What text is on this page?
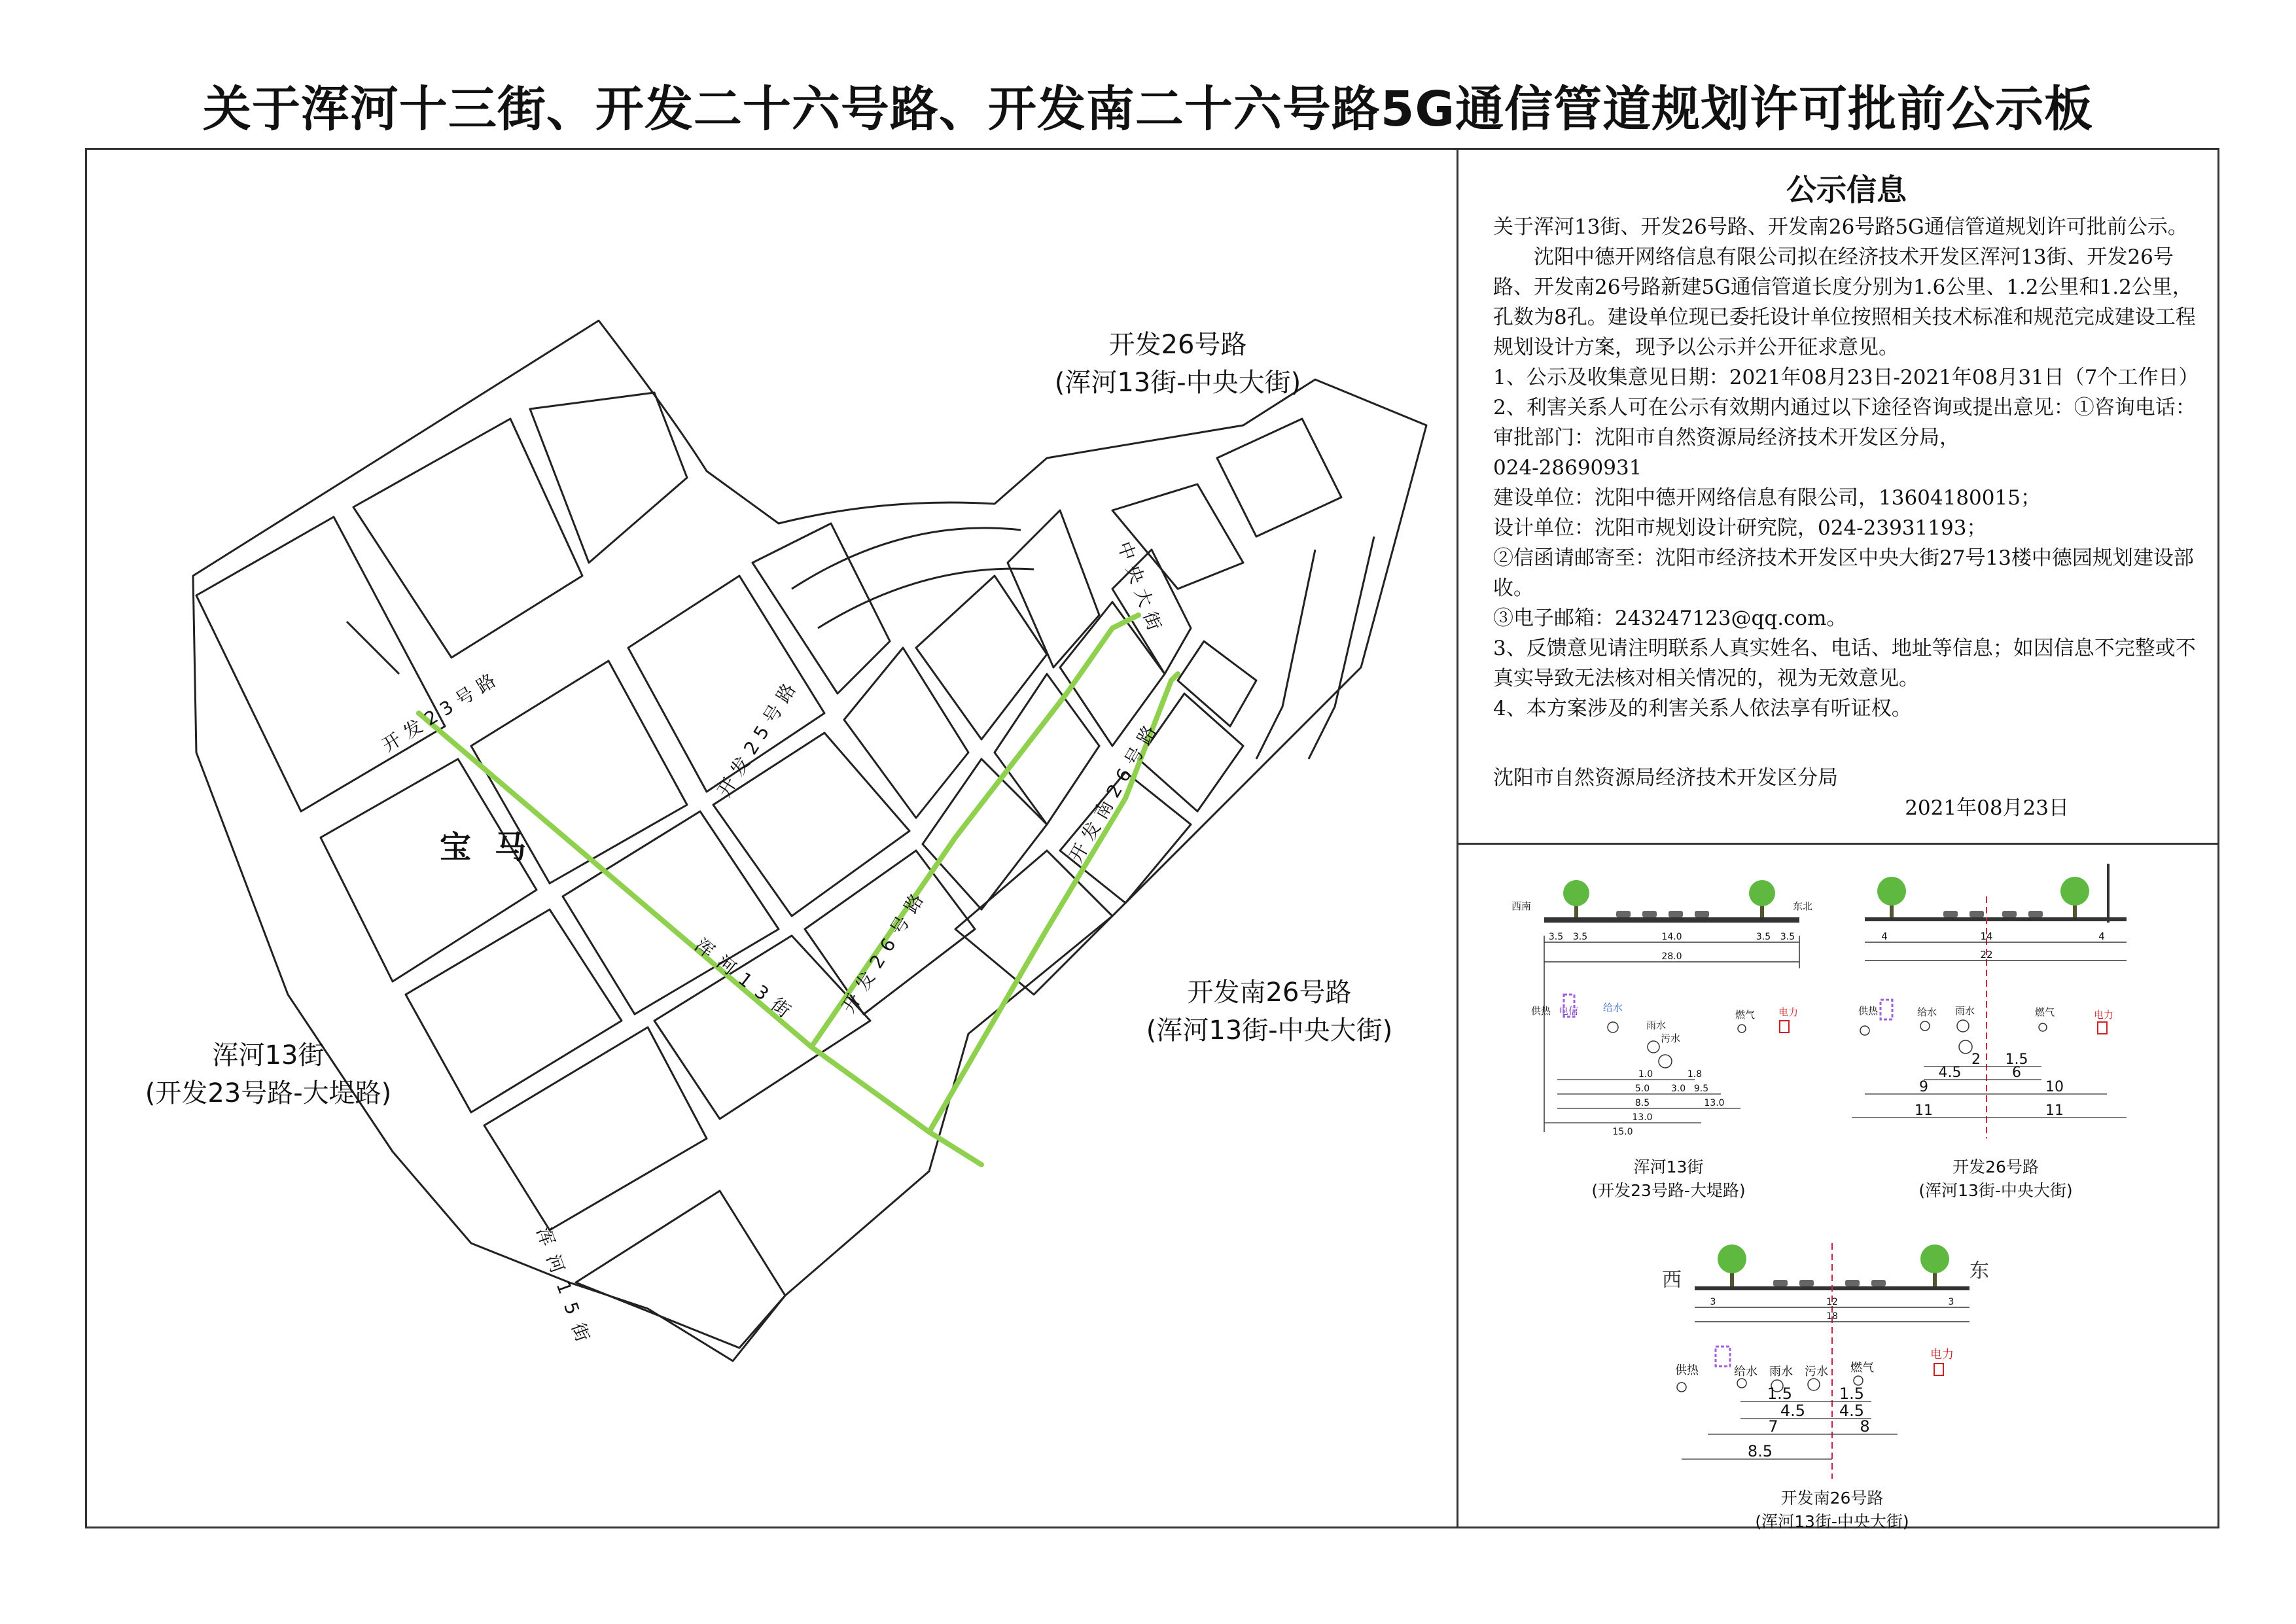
关于浑河十三街、开发二十六号路、开发南二十六号路5G通信管道规划许可批前公示板
开发26号路
(浑河13街-中央大街)
开发南26号路
(浑河13街-中央大街)
浑河13街
(开发23号路-大堤路)
宝马
开发23号路	开发25号路
开发26号路
开发南26号路
浑河13街
浑河15街
中央大街
公示信息

关于浑河13街、开发26号路、开发南26号路5G通信管道规划许可批前公示。

沈阳中德开网络信息有限公司拟在经济技术开发区浑河13街、开发26号路、开发南26号路新建5G通信管道长度分别为1.6公里、1.2公里和1.2公里，孔数为8孔。建设单位现已委托设计单位按照相关技术标准和规范完成建设工程规划设计方案，现予以公示并公开征求意见。

1、公示及收集意见日期：2021年08月23日-2021年08月31日（7个工作日）

2、利害关系人可在公示有效期内通过以下途径咨询或提出意见：①咨询电话：审批部门：沈阳市自然资源局经济技术开发区分局，

024-28690931

建设单位：沈阳中德开网络信息有限公司，13604180015；

设计单位：沈阳市规划设计研究院，024-23931193；

②信函请邮寄至：沈阳市经济技术开发区中央大街27号13楼中德园规划建设部收。

③电子邮箱：243247123@qq.com。

3、反馈意见请注明联系人真实姓名、电话、地址等信息；如因信息不完整或不真实导致无法核对相关情况的，视为无效意见。

4、本方案涉及的利害关系人依法享有听证权。

沈阳市自然资源局经济技术开发区分局

2021年08月23日

西南	东北
3.5 3.5	14.0	3.5 3.5
28.0
供热 电信	给水
雨水
污水
燃气 电力
1.0	1.8
5.0 3.0
8.5
9.5
13.0
13.0
15.0
浑河13街
(开发23号路-大堤路)
4	14	4
22
供热	给水 雨水	燃气	电力
2 1.5
4.5	6
9	10
11	11
开发26号路
(浑河13街-中央大街)
西	东
3	12	3
18
供热	给水 雨水 污水 燃气
电力
1.5	1.5
4.5 4.5
7	8
8.5
开发南26号路
(浑河13街-中央大街)
